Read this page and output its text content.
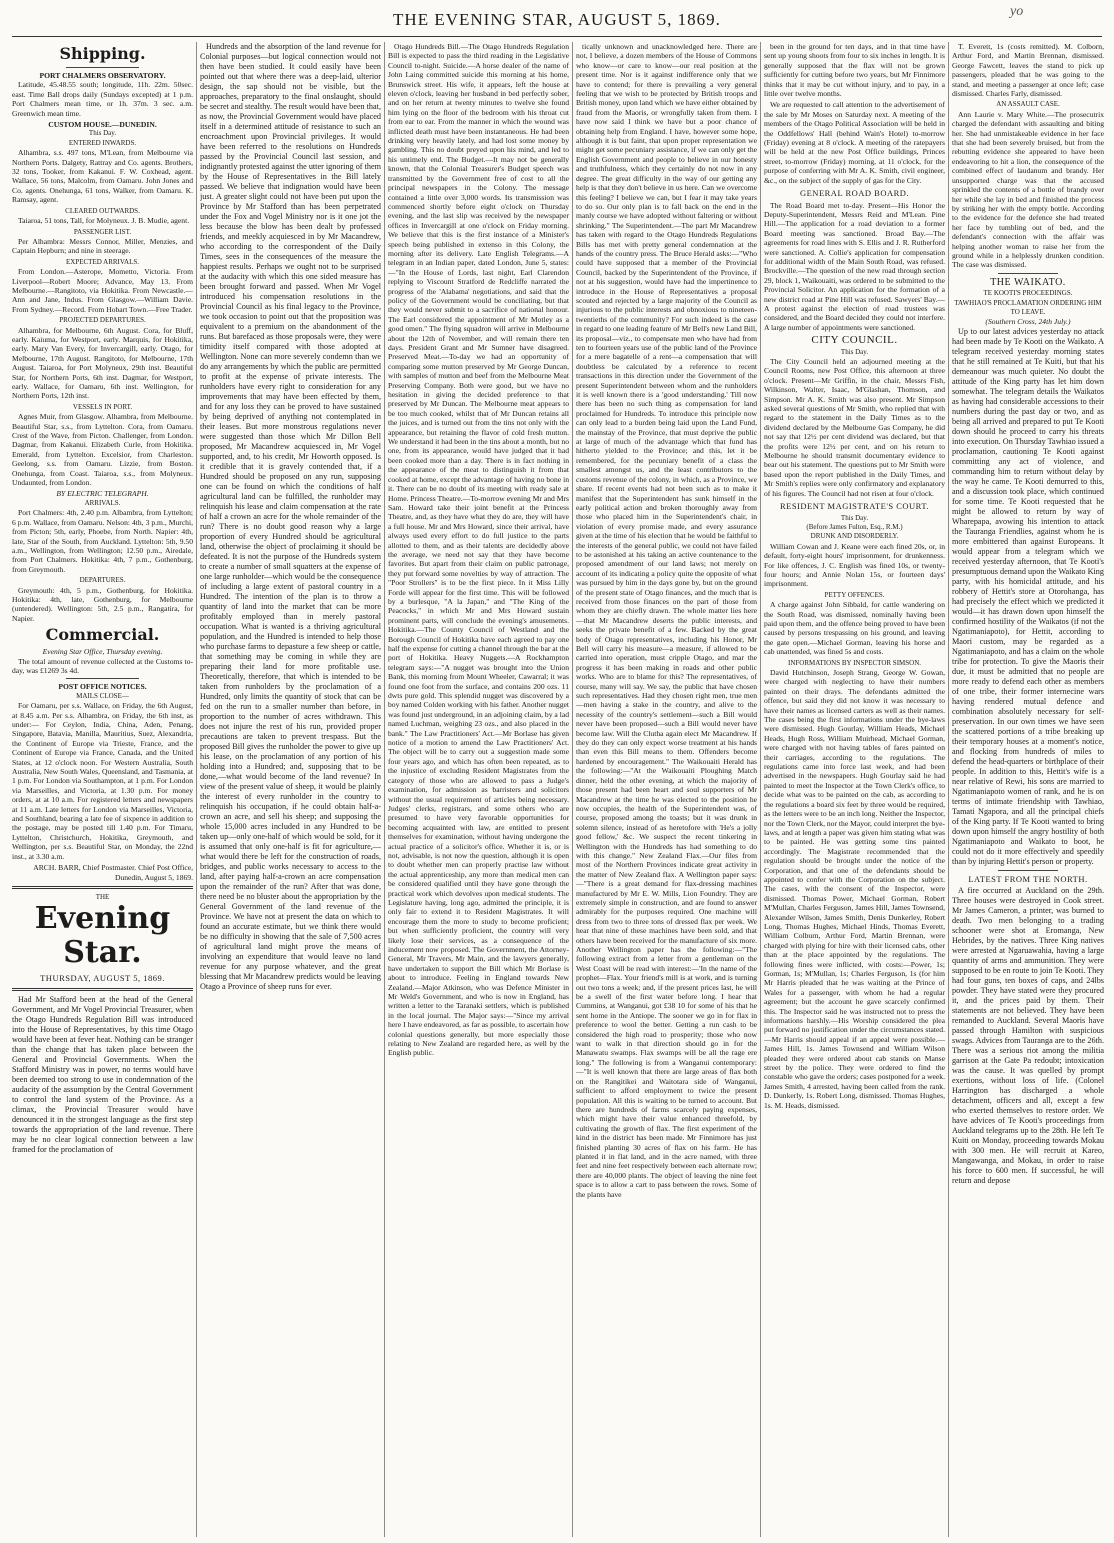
THE EVENING STAR, AUGUST 5, 1869.	yo
Shipping.
PORT CHALMERS OBSERVATORY.

Latitude, 45.48.55 south; longitude, 11h. 22m. 50sec. east. Time Ball drops daily (Sundays excepted) at 1 p.m. Port Chalmers mean time, or 1h. 37m. 3 sec. a.m. Greenwich mean time.

CUSTOM HOUSE.—DUNEDIN.
This Day.
ENTERED INWARDS.

Alhambra, s.s. 497 tons, M'Lean, from Melbourne via Northern Ports. Dalgety, Rattray and Co. agents. Brothers, 32 tons, Tooker, from Kakanui. F. W. Coxhead, agent. Wallace, 56 tons, Malcolm, from Oamaru. John Jones and Co. agents. Onehunga, 61 tons, Walker, from Oamaru. K. Ramsay, agent.

CLEARED OUTWARDS.

Taiaroa, 51 tons, Tall, for Molyneux. J. B. Mudie, agent.

PASSENGER LIST.

Per Alhambra: Messrs Connor, Miller, Menzies, and Captain Hepburn; and nine in steerage.

EXPECTED ARRIVALS.

From London.—Asterope, Mometto, Victoria. From Liverpool—Robert Moore; Advance, May 13. From Melbourne.—Rangitoto, via Hokitika. From Newcastle.—Ann and Jane, Indus. From Glasgow.—William Davie. From Sydney.—Record. From Hobart Town.—Free Trader.

PROJECTED DEPARTURES.

Alhambra, for Melbourne, 6th August. Cora, for Bluff, early. Kaiuma, for Westport, early. Marquis, for Hokitika, early. Mary Van Every, for Invercargill, early. Otago, for Melbourne, 17th August. Rangitoto, for Melbourne, 17th August. Taiaroa, for Port Molyneux, 29th inst. Beautiful Star, for Northern Ports, 6th inst. Dagmar, for Westport, early. Wallace, for Oamaru, 6th inst. Wellington, for Northern Ports, 12th inst.

VESSELS IN PORT.

Agnes Muir, from Glasgow. Alhambra, from Melbourne. Beautiful Star, s.s., from Lyttelton. Cora, from Oamaru. Crest of the Wave, from Picton. Challenger, from London. Dagmar, from Kakanui. Elizabeth Curle, from Hokitika. Emerald, from Lyttelton. Excelsior, from Charleston. Geelong, s.s. from Oamaru. Lizzie, from Boston. Onehunga, from Coast. Taiaroa, s.s., from Molyneux. Undaunted, from London.

BY ELECTRIC TELEGRAPH.
ARRIVALS.

Port Chalmers: 4th, 2.40 p.m. Albambra, from Lyttelton; 6 p.m. Wallace, from Oamaru. Nelson: 4th, 3 p.m., Murchi, from Picton; 5th, early, Phoebe, from North. Napier: 4th, late, Star of the South, from Auckland. Lyttelton: 5th, 9.50 a.m., Wellington, from Wellington; 12.50 p.m., Airedale, from Port Chalmers. Hokitika: 4th, 7 p.m., Gothenburg, from Greymouth.

DEPARTURES.

Greymouth: 4th, 5 p.m., Gothenburg, for Hokitika. Hokitika: 4th, late, Gothenburg, for Melbourne (untendered). Wellington: 5th, 2.5 p.m., Rangatira, for Napier.

Commercial.
Evening Star Office, Thursday evening.

The total amount of revenue collected at the Customs to-day, was £1269 3s 4d.

POST OFFICE NOTICES.
MAILS CLOSE—

For Oamaru, per s.s. Wallace, on Friday, the 6th August, at 8.45 a.m. Per s.s. Alhambra, on Friday, the 6th inst, as under:— For Ceylon, India, China, Aden, Penang, Singapore, Batavia, Manilla, Mauritius, Suez, Alexandria, the Continent of Europe via Trieste, France, and the Continent of Europe via France, Canada, and the United States, at 12 o'clock noon. For Western Australia, South Australia, New South Wales, Queensland, and Tasmania, at 1 p.m. For London via Southampton, at 1 p.m. For London via Marseilles, and Victoria, at 1.30 p.m. For money orders, at at 10 a.m. For registered letters and newspapers at 11 a.m. Late letters for London via Marseilles, Victoria, and Southland, bearing a late fee of sixpence in addition to the postage, may be posted till 1.40 p.m. For Timaru, Lyttelton, Christchurch, Hokitika, Greymouth, and Wellington, per s.s. Beautiful Star, on Monday, the 22nd inst., at 3.30 a.m.

ARCH. BARR, Chief Postmaster. Chief Post Office, Dunedin, August 5, 1869.

THE
Evening Star.
THURSDAY, AUGUST 5, 1869.

Had Mr Stafford been at the head of the General Government, and Mr Vogel Provincial Treasurer, when the Otago Hundreds Regulation Bill was introduced into the House of Representatives, by this time Otago would have been at fever heat. Nothing can be stranger than the change that has taken place between the General and Provincial Governments. When the Stafford Ministry was in power, no terms would have been deemed too strong to use in condemnation of the audacity of the assumption by the Central Government to control the land system of the Province. As a climax, the Provincial Treasurer would have denounced it in the strongest language as the first step towards the appropriation of the land revenue. There may be no clear logical connection between a law framed for the proclamation of

Hundreds and the absorption of the land revenue for Colonial purposes—but logical connection would not then have been studied. It could easily have been pointed out that where there was a deep-laid, ulterior design, the sap should not be visible, but the approaches, preparatory to the final onslaught, should be secret and stealthy. The result would have been that, as now, the Provincial Government would have placed itself in a determined attitude of resistance to such an encroachment upon Provincial privileges. It would have been referred to the resolutions on Hundreds passed by the Provincial Council last session, and indignantly protested against the utter ignoring of them by the House of Representatives in the Bill lately passed. We believe that indignation would have been just. A greater slight could not have been put upon the Province by Mr Stafford than has been perpetrated under the Fox and Vogel Ministry nor is it one jot the less because the blow has been dealt by professed friends, and meekly acquiesced in by Mr Macandrew, who according to the correspondent of the Daily Times, sees in the consequences of the measure the happiest results. Perhaps we ought not to be surprised at the audacity with which this one sided measure has been brought forward and passed. When Mr Vogel introduced his compensation resolutions in the Provincial Council as his final legacy to the Province, we took occasion to point out that the proposition was equivalent to a premium on the abandonment of the runs. But barefaced as those proposals were, they were timidity itself compared with those adopted at Wellington. None can more severely condemn than we do any arrangements by which the public are permitted to profit at the expense of private interests. The runholders have every right to consideration for any improvements that may have been effected by them, and for any loss they can be proved to have sustained by being deprived of anything not contemplated in their leases. But more monstrous regulations never were suggested than those which Mr Dillon Bell proposed, Mr Macandrew acquiesced in, Mr Vogel supported, and, to his credit, Mr Howorth opposed. Is it credible that it is gravely contended that, if a Hundred should be proposed on any run, supposing one can be found on which the conditions of half agricultural land can be fulfilled, the runholder may relinquish his lease and claim compensation at the rate of half a crown an acre for the whole remainder of the run? There is no doubt good reason why a large proportion of every Hundred should be agricultural land, otherwise the object of proclaiming it should be defeated. It is not the purpose of the Hundreds system to create a number of small squatters at the expense of one large runholder—which would be the consequence of including a large extent of pastoral country in a Hundred. The intention of the plan is to throw a quantity of land into the market that can be more profitably employed than in merely pastoral occupation. What is wanted is a thriving agricultural population, and the Hundred is intended to help those who purchase farms to depasture a few sheep or cattle, that something may be coming in while they are preparing their land for more profitable use. Theoretically, therefore, that which is intended to be taken from runholders by the proclamation of a Hundred, only limits the quantity of stock that can be fed on the run to a smaller number than before, in proportion to the number of acres withdrawn. This does not injure the rest of his run, provided proper precautions are taken to prevent trespass. But the proposed Bill gives the runholder the power to give up his lease, on the proclamation of any portion of his holding into a Hundred; and, supposing that to be done,—what would become of the land revenue? In view of the present value of sheep, it would be plainly the interest of every runholder in the country to relinquish his occupation, if he could obtain half-a-crown an acre, and sell his sheep; and supposing the whole 15,000 acres included in any Hundred to be taken up—only one-half of which would be sold, for it is assumed that only one-half is fit for agriculture,—what would there be left for the construction of roads, bridges, and public works necessary to access to the land, after paying half-a-crown an acre compensation upon the remainder of the run? After that was done, there need be no bluster about the appropriation by the General Government of the land revenue of the Province. We have not at present the data on which to found an accurate estimate, but we think there would be no difficulty in showing that the sale of 7,500 acres of agricultural land might prove the means of involving an expenditure that would leave no land revenue for any purpose whatever, and the great blessing that Mr Macandrew predicts would be leaving Otago a Province of sheep runs for ever.

Otago Hundreds Bill.—The Otago Hundreds Regulation Bill is expected to pass the third reading in the Legislative Council to-night. Suicide.—A horse dealer of the name of John Laing committed suicide this morning at his home, Brunswick street. His wife, it appears, left the house at eleven o'clock, leaving her husband in bed perfectly sober, and on her return at twenty minutes to twelve she found him lying on the floor of the bedroom with his throat cut from ear to ear. From the manner in which the wound was inflicted death must have been instantaneous. He had been drinking very heavily lately, and had lost some money by gambling. This no doubt preyed upon his mind, and led to his untimely end. The Budget.—It may not be generally known, that the Colonial Treasurer's Budget speech was transmitted by the Government free of cost to all the principal newspapers in the Colony. The message contained a little over 3,000 words. Its transmission was commenced shortly before eight o'clock on Thursday evening, and the last slip was received by the newspaper offices in Invercargill at one o'clock on Friday morning. We believe that this is the first instance of a Minister's speech being published in extenso in this Colony, the morning after its delivery. Late English Telegrams.—A telegram in an Indian paper, dated London, June 5, states:—"In the House of Lords, last night, Earl Clarendon replying to Viscount Stratford de Redcliffe narrated the progress of the 'Alabama' negotiations, and said that the policy of the Government would be conciliating, but that they would never submit to a sacrifice of national honour. The Earl considered the appointment of Mr Motley as a good omen." The flying squadron will arrive in Melbourne about the 12th of November, and will remain there ten days. President Grant and Mr Sumner have disagreed. Preserved Meat.—To-day we had an opportunity of comparing some mutton preserved by Mr George Duncan, with samples of mutton and beef from the Melbourne Meat Preserving Company. Both were good, but we have no hesitation in giving the decided preference to that preserved by Mr Duncan. The Melbourne meat appears to be too much cooked, whilst that of Mr Duncan retains all the juices, and is turned out from the tins not only with the appearance, but retaining the flavor of cold fresh mutton. We understand it had been in the tins about a month, but no one, from its appearance, would have judged that it had been cooked more than a day. There is in fact nothing in the appearance of the meat to distinguish it from that cooked at home, except the advantage of having no bone in it. There can be no doubt of its meeting with ready sale at Home. Princess Theatre.—To-morrow evening Mr and Mrs Sam. Howard take their joint benefit at the Princess Theatre, and, as they have what they do are, they will have a full house. Mr and Mrs Howard, since their arrival, have always used every effort to do full justice to the parts allotted to them, and as their talents are decidedly above the average, we need not say that they have become favorites. But apart from their claim on public patronage, they put forward some novelties by way of attraction. The "Poor Strollers" is to be the first piece. In it Miss Lilly Forde will appear for the first time. This will be followed by a burlesque, "A la Japan," and "The King of the Peacocks," in which Mr and Mrs Howard sustain prominent parts, will conclude the evening's amusements. Hokitika.—The County Council of Westland and the Borough Council of Hokitika have each agreed to pay one half the expense for cutting a channel through the bar at the port of Hokitika. Heavy Nuggets.—A Rockhampton telegram says:—"A nugget was brought into the Union Bank, this morning from Mount Wheeler, Cawarral; it was found one foot from the surface, and contains 200 ozs. 11 dwts pure gold. This splendid nugget was discovered by a boy named Colden working with his father. Another nugget was found just underground, in an adjoining claim, by a lad named Luchman, weighing 23 ozs., and also placed in the bank." The Law Practitioners' Act.—Mr Borlase has given notice of a motion to amend the Law Practitioners' Act. The object will be to carry out a suggestion made some four years ago, and which has often been repeated, as to the injustice of excluding Resident Magistrates from the category of those who are allowed to pass a Judge's examination, for admission as barristers and solicitors without the usual requirement of articles being necessary. Judges' clerks, registrars, and some others who are presumed to have very favorable opportunities for becoming acquainted with law, are entitled to present themselves for examination, without having undergone the actual practice of a solicitor's office. Whether it is, or is not, advisable, is not now the question, although it is open to doubt whether men can properly practise law without the actual apprenticeship, any more than medical men can be considered qualified until they have gone through the practical work which devolves upon medical students. The Legislature having, long ago, admitted the principle, it is only fair to extend it to Resident Magistrates. It will encourage them the more to study to become proficient; but when sufficiently proficient, the country will very likely lose their services, as a consequence of the inducement now proposed. The Government, the Attorney-General, Mr Travers, Mr Main, and the lawyers generally, have undertaken to support the Bill which Mr Borlase is about to introduce. Feeling in England towards New Zealand.—Major Atkinson, who was Defence Minister in Mr Weld's Government, and who is now in England, has written a letter to the Taranaki settlers, which is published in the local journal. The Major says:—"Since my arrival here I have endeavored, as far as possible, to ascertain how colonial questions generally, but more especially those relating to New Zealand are regarded here, as well by the English public.

tically unknown and unacknowledged here. There are not, I believe, a dozen members of the House of Commons who know—or care to know—our real position at the present time. Nor is it against indifference only that we have to contend; for there is prevailing a very general feeling that we wish to be protected by British troops and British money, upon land which we have either obtained by fraud from the Maoris, or wrongfully taken from them. I have now said I think we have but a poor chance of obtaining help from England. I have, however some hope, although it is but faint, that upon proper representation we might get some pecuniary assistance, if we can only get the English Government and people to believe in our honesty and truthfulness, which they certainly do not now in any degree. The great difficulty in the way of our getting any help is that they don't believe in us here. Can we overcome this feeling? I believe we can, but I fear it may take years to do so. Our only plan is to fall back on the end in the manly course we have adopted without faltering or without shrinking." The Superintendent.—The part Mr Macandrew has taken with regard to the Otago Hundreds Regulations Bills has met with pretty general condemnation at the hands of the country press. The Bruce Herald asks:—"Who could have supposed that a member of the Provincial Council, backed by the Superintendent of the Province, if not at his suggestion, would have had the impertinence to introduce in the House of Representatives a proposal scouted and rejected by a large majority of the Council as injurious to the public interests and obnoxious to nineteen-twentieths of the community? For such indeed is the case in regard to one leading feature of Mr Bell's new Land Bill, its proposal—viz., to compensate men who have had from ten to fourteen years use of the public land of the Province for a mere bagatelle of a rent—a compensation that will doubtless be calculated by a reference to recent transactions in this direction under the Government of the present Superintendent between whom and the runholders it is well known there is a 'good understanding.' Till now there has been no such thing as compensation for land proclaimed for Hundreds. To introduce this principle now can only lead to a burden being laid upon the Land Fund, the mainstay of the Province, that must deprive the public at large of much of the advantage which that fund has hitherto yielded to the Province; and this, let it be remembered, for the pecuniary benefit of a class the smallest amongst us, and the least contributors to the customs revenue of the colony, in which, as a Province, we share. If recent events had not been such as to make it manifest that the Superintendent has sunk himself in the early political action and broken thoroughly away from those who placed him in the Superintendent's chair, in violation of every promise made, and every assurance given at the time of his election that he would be faithful to the interests of the general public, we could not have failed to be astonished at his taking an active countenance to the proposed amendment of our land laws; not merely on account of its indicating a policy quite the opposite of what was pursued by him in the days gone by, but on the ground of the present state of Otago finances, and the much that is received from those finances on the part of those from whom they are chiefly drawn. The whole matter lies here—that Mr Macandrew deserts the public interests, and seeks the private benefit of a few. Backed by the great body of Otago representatives, including his Honor, Mr Bell will carry his measure—a measure, if allowed to be carried into operation, must cripple Otago, and mar the progress it has been making in roads and other public works. Who are to blame for this? The representatives, of course, many will say. We say, the public that have chosen such representatives. Had they chosen right men, true men—men having a stake in the country, and alive to the necessity of the country's settlement—such a Bill would never have been proposed—such a Bill would never have become law. Will the Clutha again elect Mr Macandrew. If they do they can only expect worse treatment at his hands than even this Bill means to them. Offenders become hardened by encouragement." The Waikouaiti Herald has the following:—"At the Waikouaiti Ploughing Match dinner, held the other evening, at which the majority of those present had been heart and soul supporters of Mr Macandrew at the time he was elected to the position he now occupies, the health of the Superintendent was, of course, proposed among the toasts; but it was drunk in solemn silence, instead of as heretofore with 'He's a jolly good fellow,' &c. We suspect the recent tinkering in Wellington with the Hundreds has had something to do with this change." New Zealand Flax.—Our files from most of the Northern Provinces indicate great activity in the matter of New Zealand flax. A Wellington paper says:—"There is a great demand for flax-dressing machines manufactured by Mr E. W. Mills, Lion Foundry. They are extremely simple in construction, and are found to answer admirably for the purposes required. One machine will dress from two to three tons of dressed flax per week. We hear that nine of these machines have been sold, and that others have been received for the manufacture of six more. Another Wellington paper has the following:—"The following extract from a letter from a gentleman on the West Coast will be read with interest:—'In the name of the prophet—Flax. Your friend's mill is at work, and is turning out two tons a week; and, if the present prices last, he will be a swell of the first water before long. I hear that Cummins, at Wanganui, got £38 10 for some of his that he sent home in the Antiope. The sooner we go in for flax in preference to wool the better. Getting a run cash to be considered the high road to prosperity; those who now want to walk in that direction should go in for the Manawatu swamps. Flax swamps will be all the rage ere long." The following is from a Wanganui contemporary:—"It is well known that there are large areas of flax both on the Rangitikei and Waitotara side of Wanganui, sufficient to afford employment to twice the present population. All this is waiting to be turned to account. But there are hundreds of farms scarcely paying expenses, which might have their value enhanced threefold, by cultivating the growth of flax. The first experiment of the kind in the district has been made. Mr Finnimore has just finished planting 30 acres of flax on his farm. He has planted it in flat land, and in the acre named, with three feet and nine feet respectively between each alternate row; there are 40,000 plants. The object of leaving the nine feet space is to allow a cart to pass between the rows. Some of the plants have

been in the ground for ten days, and in that time have sent up young shoots from four to six inches in length. It is generally supposed that the flax will not be grown sufficiently for cutting before two years, but Mr Finnimore thinks that it may be cut without injury, and to pay, in a little over twelve months.

We are requested to call attention to the advertisement of the sale by Mr Moses on Saturday next. A meeting of the members of the Otago Political Association will be held in the Oddfellows' Hall (behind Wain's Hotel) to-morrow (Friday) evening at 8 o'clock. A meeting of the ratepayers will be held at the new Post Office buildings, Princes street, to-morrow (Friday) morning, at 11 o'clock, for the purpose of conferring with Mr A. K. Smith, civil engineer, &c., on the subject of the supply of gas for the City.

GENERAL ROAD BOARD.

The Road Board met to-day. Present—His Honor the Deputy-Superintendent, Messrs Reid and M'Lean. Pine Hill.—The application for a road deviation to a former Board meeting was sanctioned. Broad Bay.—The agreements for road lines with S. Ellis and J. R. Rutherford were sanctioned. A. Collie's application for compensation for additional width of the Main South Road, was refused. Brockville.—The question of the new road through section 29, block 1, Waikouaiti, was ordered to be submitted to the Provincial Solicitor. An application for the formation of a new district road at Pine Hill was refused. Sawyers' Bay.—A protest against the election of road trustees was considered, and the Board decided they could not interfere. A large number of appointments were sanctioned.

CITY COUNCIL.
This Day.

The City Council held an adjourned meeting at the Council Rooms, new Post Office, this afternoon at three o'clock. Present—Mr Griffin, in the chair, Messrs Fish, Wilkinson, Walter, Isaac, M'Glashan, Thomson, and Simpson. Mr A. K. Smith was also present. Mr Simpson asked several questions of Mr Smith, who replied that with regard to the statement in the Daily Times as to the dividend declared by the Melbourne Gas Company, he did not say that 12½ per cent dividend was declared, but that the profits were 12½ per cent, and on his return to Melbourne he should transmit documentary evidence to bear out his statement. The questions put to Mr Smith were based upon the report published in the Daily Times, and Mr Smith's replies were only confirmatory and explanatory of his figures. The Council had not risen at four o'clock.

RESIDENT MAGISTRATE'S COURT.
This Day.
(Before James Fulton, Esq., R.M.)
DRUNK AND DISORDERLY.

William Cowan and J. Keane were each fined 20s, or, in default, forty-eight hours' imprisonment, for drunkenness. For like offences, J. C. English was fined 10s, or twenty-four hours; and Annie Nolan 15s, or fourteen days' imprisonment.

PETTY OFFENCES.

A charge against John Sibbald, for cattle wandering on the South Road, was dismissed, nominally having been paid upon them, and the offence being proved to have been caused by persons trespassing on his ground, and leaving the gate open.—Michael Gorman, leaving his horse and cab unattended, was fined 5s and costs.

INFORMATIONS BY INSPECTOR SIMSON.

David Hutchinson, Joseph Strang, George W. Gowan, were charged with neglecting to have their numbers painted on their drays. The defendants admitted the offence, but said they did not know it was necessary to have their names as licensed carters as well as their names. The cases being the first informations under the bye-laws were dismissed. Hugh Gourlay, William Heads, Michael Heads, Hugh Ross, William Muirhead, Michael Gorman, were charged with not having tables of fares painted on their carriages, according to the regulations. The regulations came into force last week, and had been advertised in the newspapers. Hugh Gourlay said he had painted to meet the Inspector at the Town Clerk's office, to decide what was to be painted on the cab, as according to the regulations a board six feet by three would be required, as the letters were to be an inch long. Neither the Inspector, nor the Town Clerk, nor the Mayor, could interpret the bye-laws, and at length a paper was given him stating what was to be painted. He was getting some tins painted accordingly. The Magistrate recommended that the regulation should be brought under the notice of the Corporation, and that one of the defendants should be appointed to confer with the Corporation on the subject. The cases, with the consent of the Inspector, were dismissed. Thomas Power, Michael Gorman, Robert M'Mullan, Charles Ferguson, James Hill, James Townsend, Alexander Wilson, James Smith, Denis Dunkerley, Robert Long, Thomas Hughes, Michael Hinds, Thomas Everett, William Colburn, Arthur Ford, Martin Brennan, were charged with plying for hire with their licensed cabs, other than at the place appointed by the regulations. The following fines were inflicted, with costs:—Power, 1s; Gorman, 1s; M'Mullan, 1s; Charles Ferguson, 1s (for him Mr Harris pleaded that he was waiting at the Prince of Wales for a passenger, with whom he had a regular agreement; but the account he gave scarcely confirmed this. The Inspector said he was instructed not to press the informations harshly.—His Worship considered the plea put forward no justification under the circumstances stated.—Mr Harris should appeal if an appeal were possible.—James Hill, 1s. James Townsend and William Wilson pleaded they were ordered about cab stands on Manse street by the police. They were ordered to find the constable who gave the orders; cases postponed for a week. James Smith, 4 arrested, having been called from the rank. D. Dunkerly, 1s. Robert Long, dismissed. Thomas Hughes, 1s. M. Heads, dismissed.

T. Everett, 1s (costs remitted). M. Colborn, Arthur Ford, and Martin Brennan, dismissed. George Fawcett, leaves the stand to pick up passengers, pleaded that he was going to the stand, and meeting a passenger at once left; case dismissed. Charles Farly, dismissed.

AN ASSAULT CASE.

Ann Laurie v. Mary White.—The prosecutrix charged the defendant with assaulting and biting her. She had unmistakeable evidence in her face that she had been severely bruised, but from the rebutting evidence she appeared to have been endeavoring to hit a lion, the consequence of the combined effect of laudanum and brandy. Her unsupported charge was that the accused sprinkled the contents of a bottle of brandy over her while she lay in bed and finished the process by striking her with the empty bottle. According to the evidence for the defence she had treated her face by tumbling out of bed, and the defendant's connection with the affair was helping another woman to raise her from the ground while in a helplessly drunken condition. The case was dismissed.

THE WAIKATO.
TE KOOTI'S PROCEEDINGS.
TAWHIAO'S PROCLAMATION ORDERING HIM TO LEAVE.
(Southern Cross, 24th July.)

Up to our latest advices yesterday no attack had been made by Te Kooti on the Waikato. A telegram received yesterday morning states that he still remained at Te Kuiti, but that his demeanour was much quieter. No doubt the attitude of the King party has let him down somewhat. The telegram details the Waikatos as having had considerable accessions to their numbers during the past day or two, and as being all arrived and prepared to put Te Kooti down should he proceed to carry his threats into execution. On Thursday Tawhiao issued a proclamation, cautioning Te Kooti against committing any act of violence, and commanding him to return without delay by the way he came. Te Kooti demurred to this, and a discussion took place, which continued for some time. Te Kooti requested that he might be allowed to return by way of Wharepapa, avowing his intention to attack the Tauranga Friendlies, against whom he is more embittered than against Europeans. It would appear from a telegram which we received yesterday afternoon, that Te Kooti's presumptuous demand upon the Waikato King party, with his homicidal attitude, and his robbery of Hettit's store at Otorohanga, has had precisely the effect which we predicted it would—it has drawn down upon himself the confirmed hostility of the Waikatos (if not the Ngatimaniapoto), for Hettit, according to Maori custom, may be regarded as a Ngatimaniapoto, and has a claim on the whole tribe for protection. To give the Maoris their due, it must be admitted that no people are more ready to defend each other as members of one tribe, their former internecine wars having rendered mutual defence and combination absolutely necessary for self-preservation. In our own times we have seen the scattered portions of a tribe breaking up their temporary houses at a moment's notice, and flocking from hundreds of miles to defend the head-quarters or birthplace of their people. In addition to this, Hettit's wife is a near relative of Rewi, his sons are married to Ngatimaniapoto women of rank, and he is on terms of intimate friendship with Tawhiao, Tamati Ngapora, and all the principal chiefs of the King party. If Te Kooti wanted to bring down upon himself the angry hostility of both Ngatimaniapoto and Waikato to boot, he could not do it more effectively and speedily than by injuring Hettit's person or property.

LATEST FROM THE NORTH.

A fire occurred at Auckland on the 29th. Three houses were destroyed in Cook street. Mr James Cameron, a printer, was burned to death. Two men belonging to a trading schooner were shot at Eromanga, New Hebrides, by the natives. Three King natives were arrested at Ngaruawahia, having a large quantity of arms and ammunition. They were supposed to be en route to join Te Kooti. They had four guns, ten boxes of caps, and 24lbs powder. They have stated were they procured it, and the prices paid by them. Their statements are not believed. They have been remanded to Auckland. Several Maoris have passed through Hamilton with suspicious swags. Advices from Tauranga are to the 26th. There was a serious riot among the militia garrison at the Gate Pa redoubt; intoxication was the cause. It was quelled by prompt exertions, without loss of life. (Colonel Harrington has discharged a whole detachment, officers and all, except a few who exerted themselves to restore order. We have advices of Te Kooti's proceedings from Auckland telegrams up to the 28th. He left Te Kuiti on Monday, proceeding towards Mokau with 300 men. He will recruit at Kareo, Mangawanga, and Mokau, in order to raise his force to 600 men. If successful, he will return and depose
